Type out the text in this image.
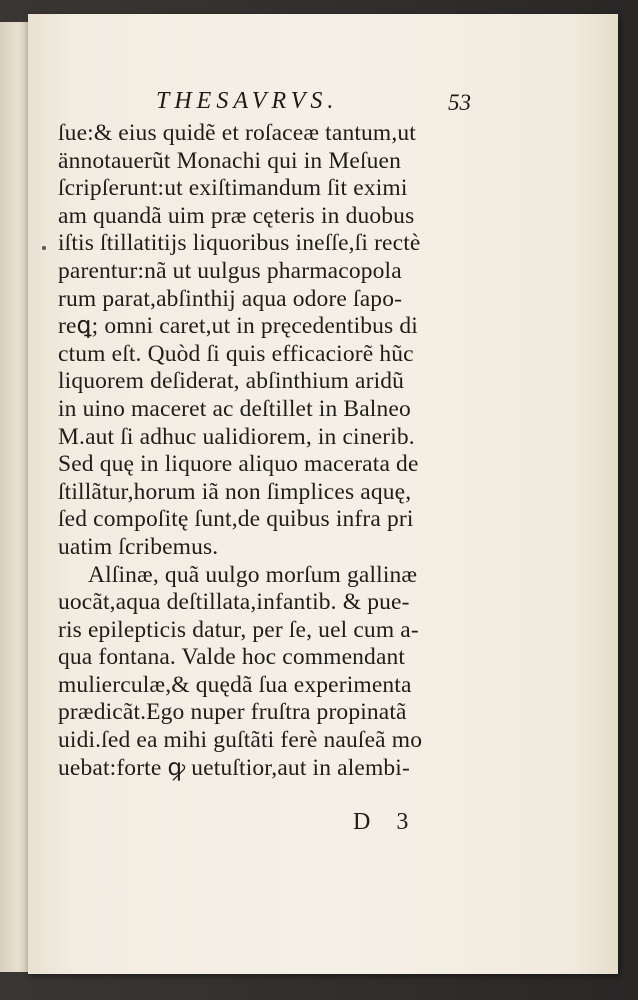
THESAVRVS.	53
ſue:& eius quidẽ et roſaceæ tantum,ut
ännotauerũt Monachi qui in Meſuen
ſcripſerunt:ut exiſtimandum ſit eximi
am quandã uim præ cęteris in duobus
iſtis ſtillatitijs liquoribus ineſſe,ſi rectè
parentur:nã ut uulgus pharmacopola
rum parat,abſinthij aqua odore ſapo-
reꝗ; omni caret,ut in pręcedentibus di
ctum eſt. Quòd ſi quis efficaciorẽ hũc
liquorem deſiderat, abſinthium aridũ
in uino maceret ac deſtillet in Balneo
M.aut ſi adhuc ualidiorem, in cinerib.
Sed quę in liquore aliquo macerata de
ſtillãtur,horum iã non ſimplices aquę,
ſed compoſitę ſunt,de quibus infra pri
uatim ſcribemus.
Alſinæ, quã uulgo morſum gallinæ
uocãt,aqua deſtillata,infantib. & pue-
ris epilepticis datur, per ſe, uel cum a-
qua fontana. Valde hoc commendant
mulierculæ,& quędã ſua experimenta
prædicãt.Ego nuper fruſtra propinatã
uidi.ſed ea mihi guſtãti ferè nauſeã mo
uebat:forte ꝙ uetuſtior,aut in alembi-
D 3
